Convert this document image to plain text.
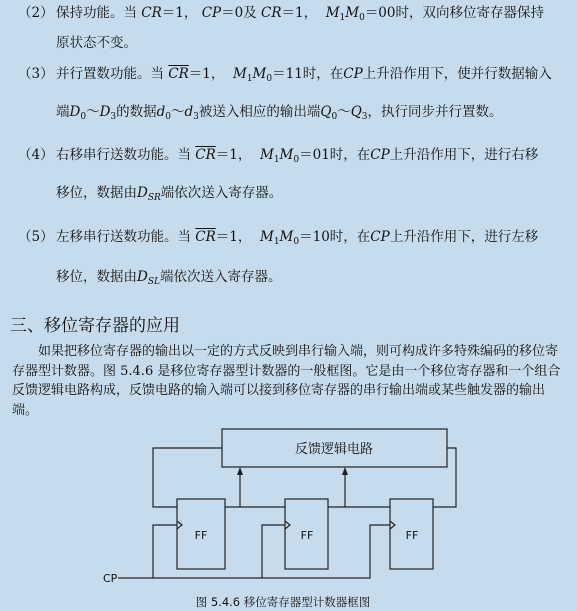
（2） 保持功能。当 CR＝1， CP＝0及 CR＝1， $M_1M_0=00$时，双向移位寄存器保持
原状态不变。
（3） 并行置数功能。当 $\overline{CR}=1$， $M_1M_0=11$时，在CP上升沿作用下，使并行数据输入
端$D_0\sim D_3$的数据$d_0\sim d_3$被送入相应的输出端$Q_0\sim Q_3$，执行同步并行置数。
（4） 右移串行送数功能。当 $\overline{CR}=1$， $M_1M_0=01$时，在CP上升沿作用下，进行右移
移位，数据由$D_{SR}$端依次送入寄存器。
（5） 左移串行送数功能。当 $\overline{CR}=1$， $M_1M_0=10$时，在CP上升沿作用下，进行左移
移位，数据由$D_{SL}$端依次送入寄存器。
三、移位寄存器的应用
如果把移位寄存器的输出以一定的方式反映到串行输入端，则可构成许多特殊编码的移位寄存器型计数器。图 5.4.6 是移位寄存器型计数器的一般框图。它是由一个移位寄存器和一个组合反馈逻辑电路构成，反馈电路的输入端可以接到移位寄存器的串行输出端或某些触发器的输出端。
反馈逻辑电路
FF	FF	FF
CP
图 5.4.6 移位寄存器型计数器框图
